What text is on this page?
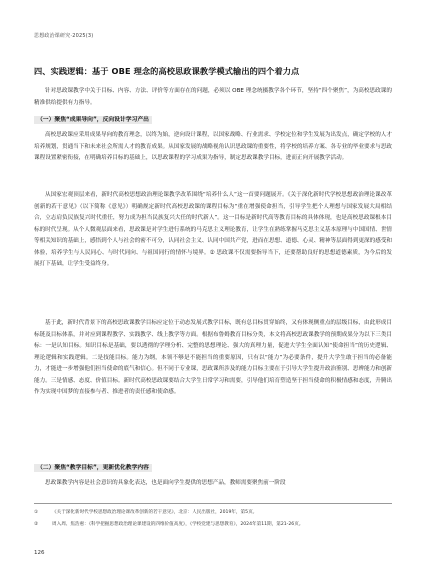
思想政治课研究·2025(3)
四、实践逻辑：基于 OBE 理念的高校思政课教学模式输出的四个着力点
针对思政课教学中关于目标、内容、方法、评价等方面存在的问题，必须以 OBE 理念统摄教学各个环节，坚持“四个聚焦”，为高校思政课的精准供给提供有力指导。
（一）聚焦“成果导向”，反向设计学习产出
高校思政课应采用成果导向的教育理念，以终为始，逆向设计课程，以国家战略、行业需求、学校定位和学生发展为出发点，确定学校的人才培养规划，贯通当下和未来社会所需人才的教育成果。从国家发展的战略视角认识思政课的重要性，将学校的培养方案、各专业的毕业要求与思政课程设置紧密衔接，在明确培养目标的基础上，以思政课程的学习成果为指导，制定思政课教学目标，进而正向开展教学活动。
从国家宏观顶层来看，新时代高校思想政治理论课教学改革围绕“培养什么人”这一首要问题展开。《关于深化新时代学校思想政治理论课改革创新的若干意见》（以下简称《意见》）明确规定新时代高校思政课的课程目标为“重在增强使命担当，引导学生把个人理想与国家发展大局相结合，立志肩负民族复兴时代重任，努力成为担当民族复兴大任的时代新人”。这一目标是新时代高等教育目标的具体体现，也是高校思政课根本目标的时代呈现。从个人微观层面来看，思政课是对学生进行系统的马克思主义理论教育，让学生在熟练掌握马克思主义基本原理与中国国情、世情等相关知识的基础上，感悟到个人与社会的密不可分，认同社会主义、认同中国共产党，进而在思想、道德、心灵、精神等层面得到更深的感受和体验，培养学生与人民同心、与时代同向、与祖国同行的情怀与境界。② 思政课不仅需要指导当下，还要帮助良好的思想道德素质，为今后的发展打下基础，让学生受益终身。
基于此，新时代背景下的高校思政课教学目标应定位于动态发展式教学目标，既有总目标贯穿始终，又有体现侧重点的层级目标，由此形成目标链及目标体系，并对应到课程教学、实践教学、线上教学等方面。根据布鲁姆教育目标分类，本文将高校思政课教学的预期成果分为以下三类目标：一是认知目标。知识目标是基础，要以透彻的学理分析、完整的思想理论、强大的真理力量，促进大学生全面认知“使命担当”的历史逻辑、理论逻辑和实践逻辑。二是技能目标。能力为纲，本领不够是不能担当的重要原因，只有以“能力”为必要条件，提升大学生敢于担当的必备能力，才能进一步增强他们担当使命的底气和信心。但不同于专业课，思政课所涉及的能力目标主要在于引导大学生提升政治鉴别、思辨能力和创新能力。三是情感、态度、价值目标。新时代高校思政课要结合大学生日常学习和需要，引导他们培育塑造坚于担当使命的积极情感和态度，升腾出作为实现中国梦的直接参与者、推进者的责任感和使命感。
（二）聚焦“教学目标”，更新优化教学内容
思政课教学内容是社会意识的具象化表达，也是面向学生提供的思想产品，教师需要聚焦前一阶段
①	《关于深化新时代学校思想政治理论课改革创新的若干意见》，北京：人民出版社，2019年，第5页。
②	周入周、焦浩惠：《科学把握思想政治理论课建设的四维价值高度》，《学校党建与思想教育》，2024年第11期，第21-26页。
126
